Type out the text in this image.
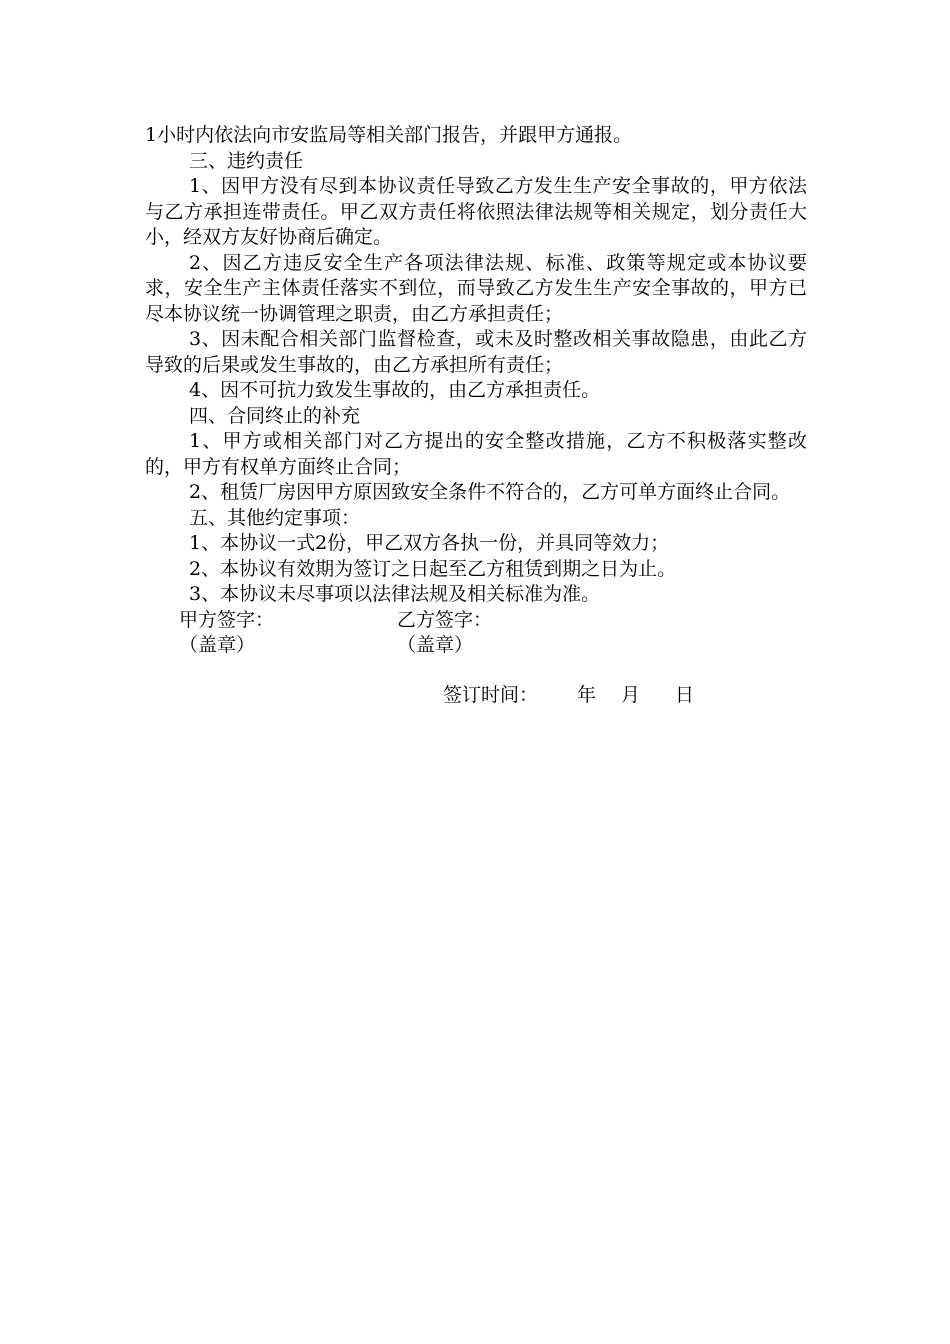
1小时内依法向市安监局等相关部门报告，并跟甲方通报。

三、违约责任

1、因甲方没有尽到本协议责任导致乙方发生生产安全事故的，甲方依法与乙方承担连带责任。甲乙双方责任将依照法律法规等相关规定，划分责任大小，经双方友好协商后确定。

2、因乙方违反安全生产各项法律法规、标准、政策等规定或本协议要求，安全生产主体责任落实不到位，而导致乙方发生生产安全事故的，甲方已尽本协议统一协调管理之职责，由乙方承担责任；

3、因未配合相关部门监督检查，或未及时整改相关事故隐患，由此乙方导致的后果或发生事故的，由乙方承担所有责任；

4、因不可抗力致发生事故的，由乙方承担责任。

四、合同终止的补充

1、甲方或相关部门对乙方提出的安全整改措施，乙方不积极落实整改的，甲方有权单方面终止合同；

2、租赁厂房因甲方原因致安全条件不符合的，乙方可单方面终止合同。

五、其他约定事项：

1、本协议一式2份，甲乙双方各执一份，并具同等效力；

2、本协议有效期为签订之日起至乙方租赁到期之日为止。

3、本协议未尽事项以法律法规及相关标准为准。

甲方签字：	乙方签字：
（盖章）	（盖章）
签订时间： 年 月 日
